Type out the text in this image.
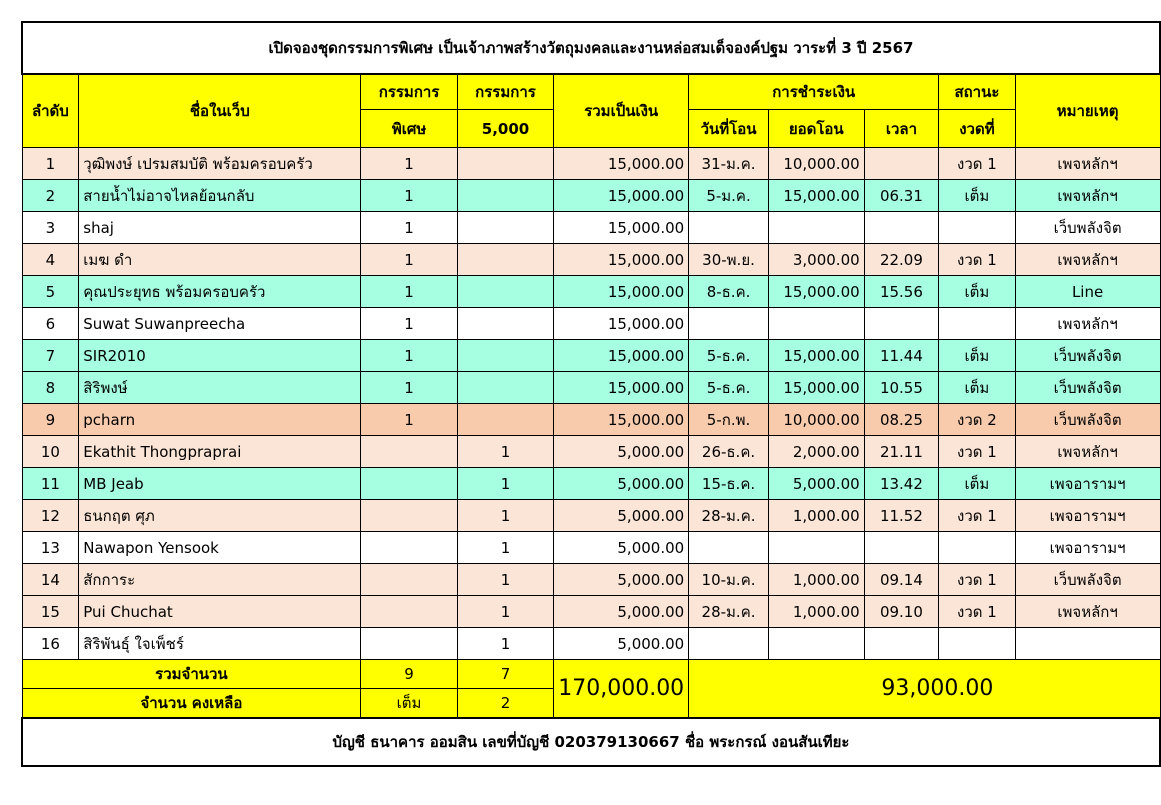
เปิดจองชุดกรรมการพิเศษ เป็นเจ้าภาพสร้างวัตถุมงคลและงานหล่อสมเด็จองค์ปฐม วาระที่ 3 ปี 2567									
ลำดับ	ชื่อในเว็บ	กรรมการ	กรรมการ	รวมเป็นเงิน	การชำระเงิน			สถานะ	หมายเหตุ
		พิเศษ	5,000		วันที่โอน	ยอดโอน	เวลา	งวดที่	
1	วุฒิพงษ์ เปรมสมบัติ พร้อมครอบครัว	1		15,000.00	31-ม.ค.	10,000.00		งวด 1	เพจหลักฯ
2	สายน้ำไม่อาจไหลย้อนกลับ	1		15,000.00	5-ม.ค.	15,000.00	06.31	เต็ม	เพจหลักฯ
3	shaj	1		15,000.00					เว็บพลังจิต
4	เมฆ ดำ	1		15,000.00	30-พ.ย.	3,000.00	22.09	งวด 1	เพจหลักฯ
5	คุณประยุทธ พร้อมครอบครัว	1		15,000.00	8-ธ.ค.	15,000.00	15.56	เต็ม	Line
6	Suwat Suwanpreecha	1		15,000.00					เพจหลักฯ
7	SIR2010	1		15,000.00	5-ธ.ค.	15,000.00	11.44	เต็ม	เว็บพลังจิต
8	สิริพงษ์	1		15,000.00	5-ธ.ค.	15,000.00	10.55	เต็ม	เว็บพลังจิต
9	pcharn	1		15,000.00	5-ก.พ.	10,000.00	08.25	งวด 2	เว็บพลังจิต
10	Ekathit Thongpraprai		1	5,000.00	26-ธ.ค.	2,000.00	21.11	งวด 1	เพจหลักฯ
11	MB Jeab		1	5,000.00	15-ธ.ค.	5,000.00	13.42	เต็ม	เพจอารามฯ
12	ธนกฤต ศุภ		1	5,000.00	28-ม.ค.	1,000.00	11.52	งวด 1	เพจอารามฯ
13	Nawapon Yensook		1	5,000.00					เพจอารามฯ
14	สักการะ		1	5,000.00	10-ม.ค.	1,000.00	09.14	งวด 1	เว็บพลังจิต
15	Pui Chuchat		1	5,000.00	28-ม.ค.	1,000.00	09.10	งวด 1	เพจหลักฯ
16	สิริพันธุ์ ใจเพ็ชร์		1	5,000.00					
รวมจำนวน		9	7	170,000.00	93,000.00				
จำนวน คงเหลือ		เต็ม	2						
บัญชี ธนาคาร ออมสิน เลขที่บัญชี 020379130667 ชื่อ พระกรณ์ งอนสันเทียะ									
